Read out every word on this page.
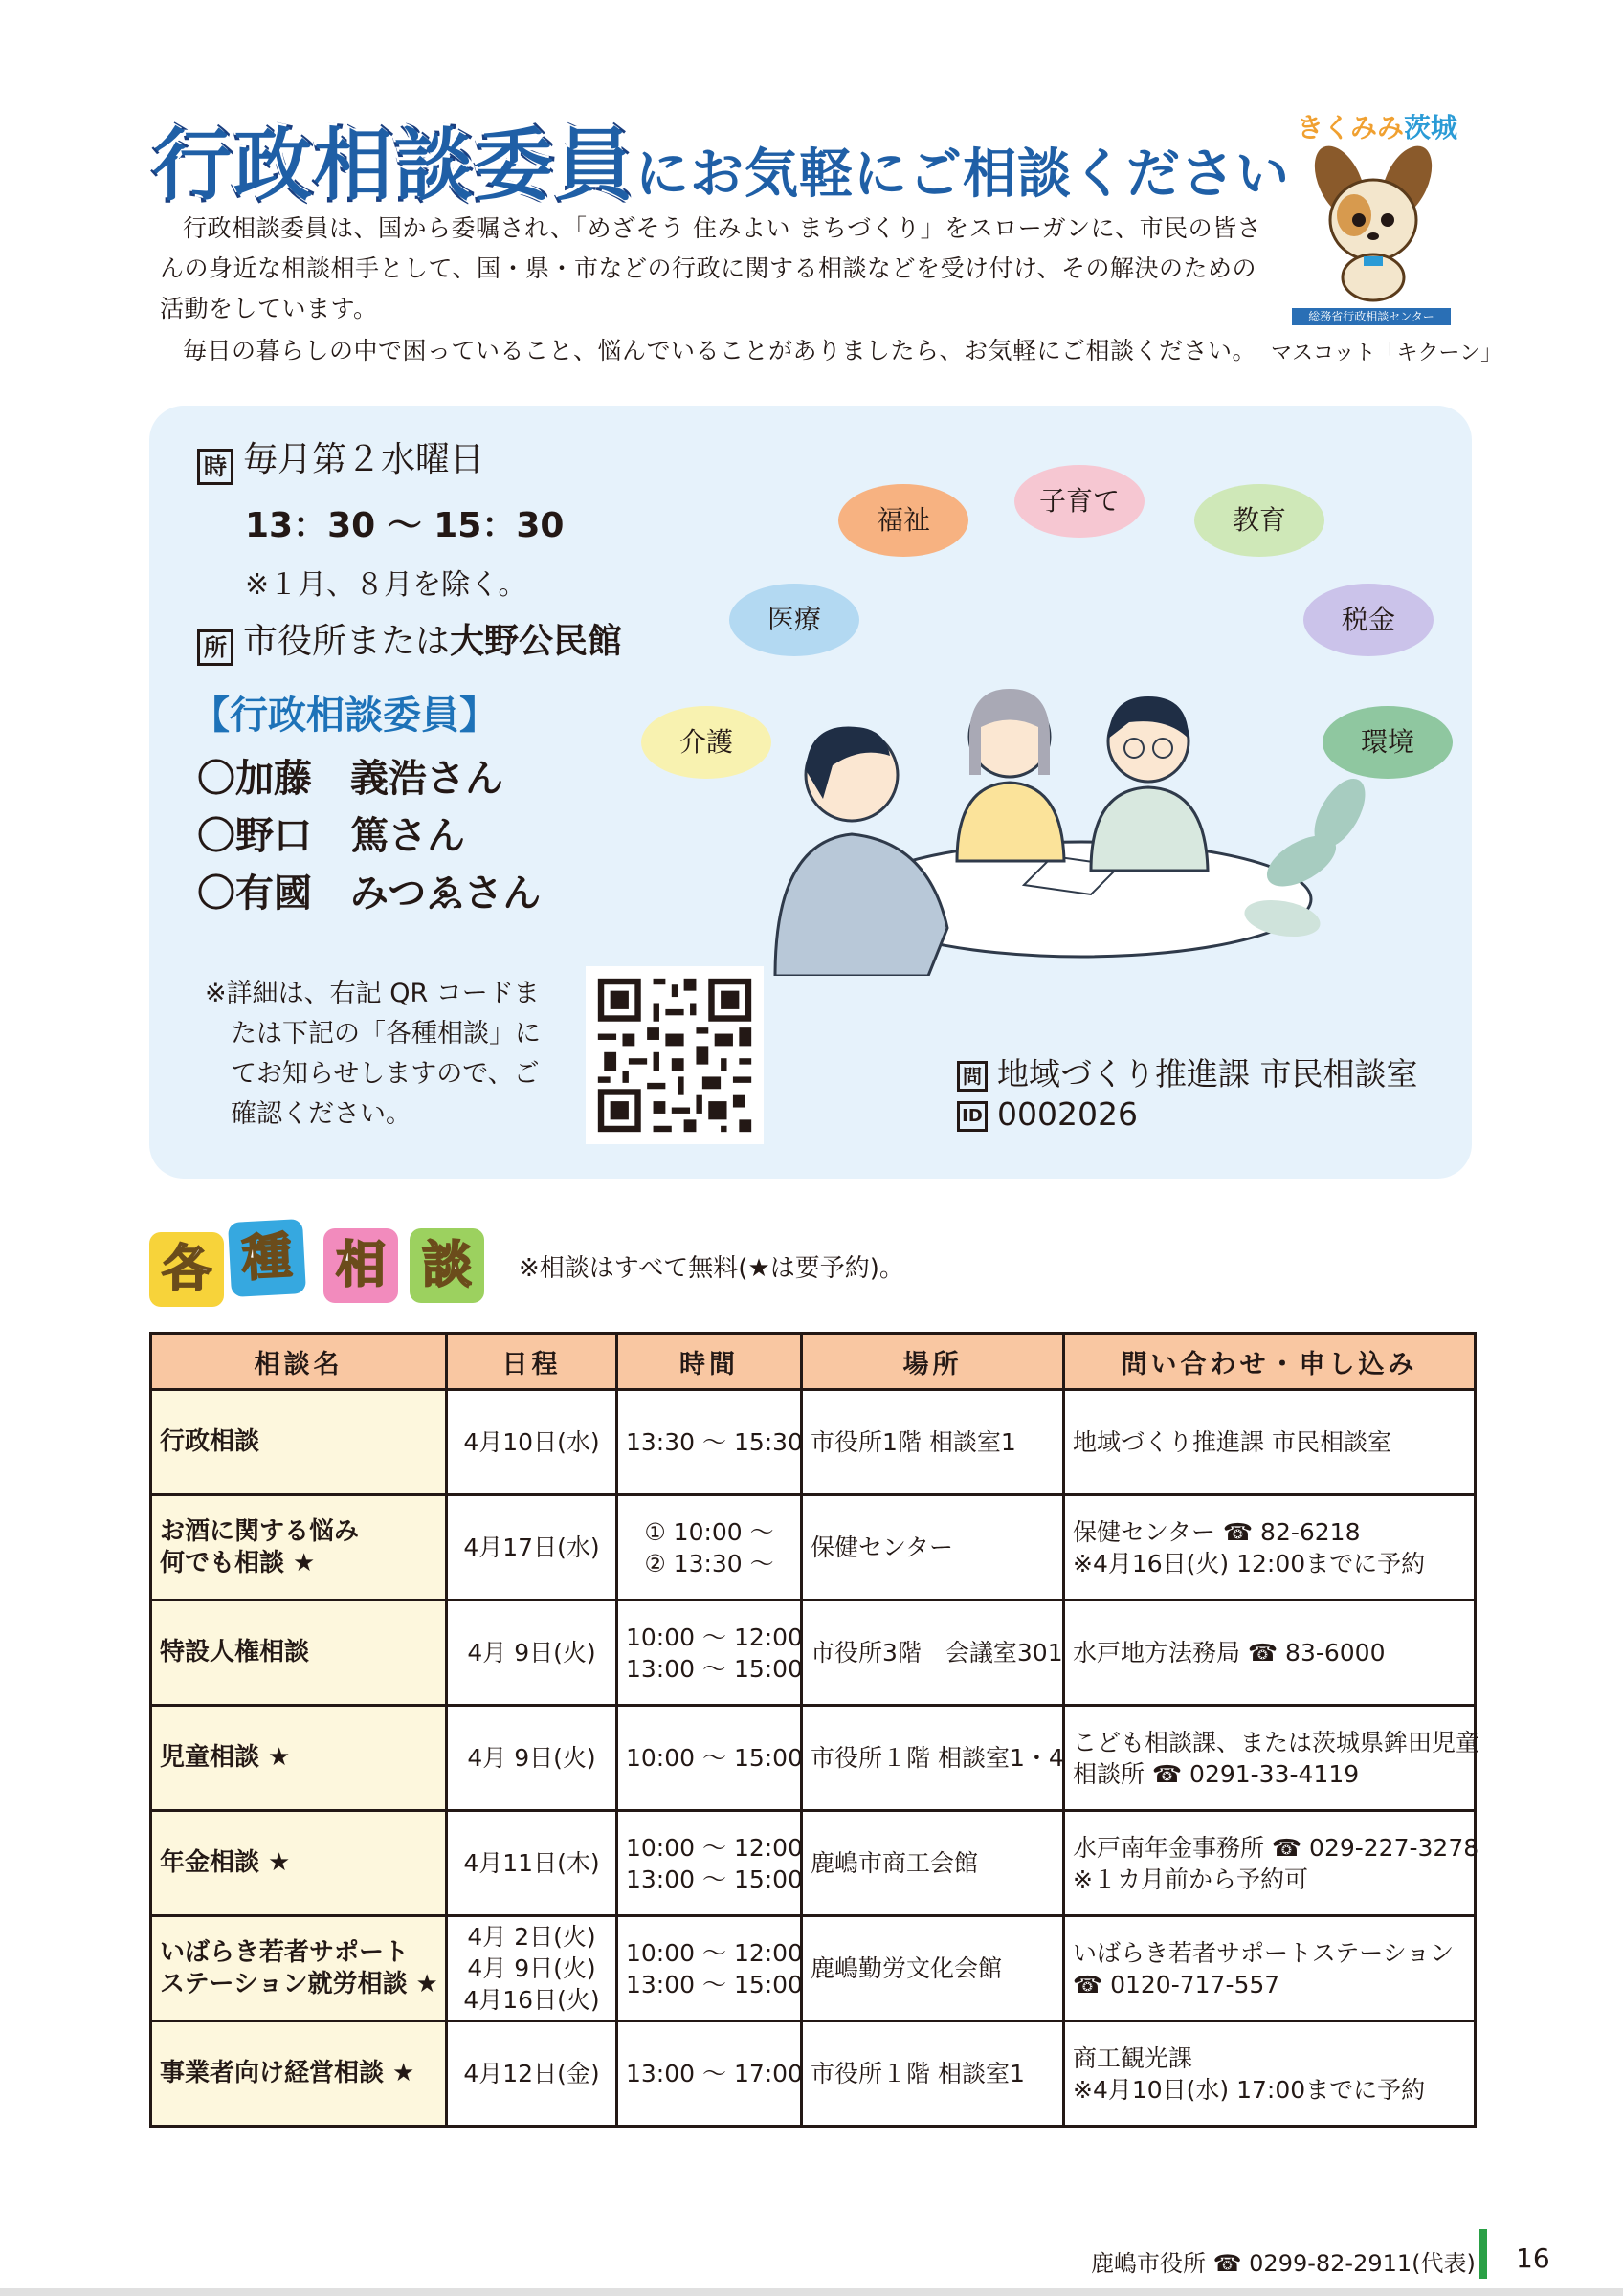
行政相談委員にお気軽にご相談ください
行政相談委員は、国から委嘱され、「めざそう 住みよい まちづくり」をスローガンに、市民の皆さ
んの身近な相談相手として、国・県・市などの行政に関する相談などを受け付け、その解決のための
活動をしています。
毎日の暮らしの中で困っていること、悩んでいることがありましたら、お気軽にご相談ください。
きくみみ茨城
総務省行政相談センター
マスコット「キクーン」
時 毎月第２水曜日
13：30 ～ 15：30
※１月、８月を除く。
所 市役所または大野公民館
【行政相談委員】
〇加藤　義浩さん
〇野口　篤さん
〇有國　みつゑさん
※詳細は、右記 QR コードま
　たは下記の「各種相談」に
　てお知らせしますので、ご
　確認ください。
問 地域づくり推進課 市民相談室
ID 0002026
福祉
子育て
教育
医療	税金
介護	環境
各 種 相 談	※相談はすべて無料(★は要予約)。
相談名	日程	時間	場所	問い合わせ・申し込み

行政相談	4月10日(水)	13:30 ～ 15:30	市役所1階 相談室1	地域づくり推進課 市民相談室

お酒に関する悩み
何でも相談 ★	4月17日(水)	① 10:00 ～
② 13:30 ～	保健センター	保健センター ☎ 82-6218
※4月16日(火) 12:00までに予約

特設人権相談	4月 9日(火)	10:00 ～ 12:00
13:00 ～ 15:00	市役所3階　会議室301	水戸地方法務局 ☎ 83-6000

児童相談 ★	4月 9日(火)	10:00 ～ 15:00	市役所１階 相談室1・4	こども相談課、または茨城県鉾田児童
相談所 ☎ 0291-33-4119

年金相談 ★	4月11日(木)	10:00 ～ 12:00
13:00 ～ 15:00	鹿嶋市商工会館	水戸南年金事務所 ☎ 029-227-3278
※１カ月前から予約可

いばらき若者サポート
ステーション就労相談 ★	4月 2日(火)
4月 9日(火)
4月16日(火)	10:00 ～ 12:00
13:00 ～ 15:00	鹿嶋勤労文化会館	いばらき若者サポートステーション
☎ 0120-717-557

事業者向け経営相談 ★	4月12日(金)	13:00 ～ 17:00	市役所１階 相談室1	商工観光課
※4月10日(水) 17:00までに予約
鹿嶋市役所 ☎ 0299-82-2911(代表) 16
